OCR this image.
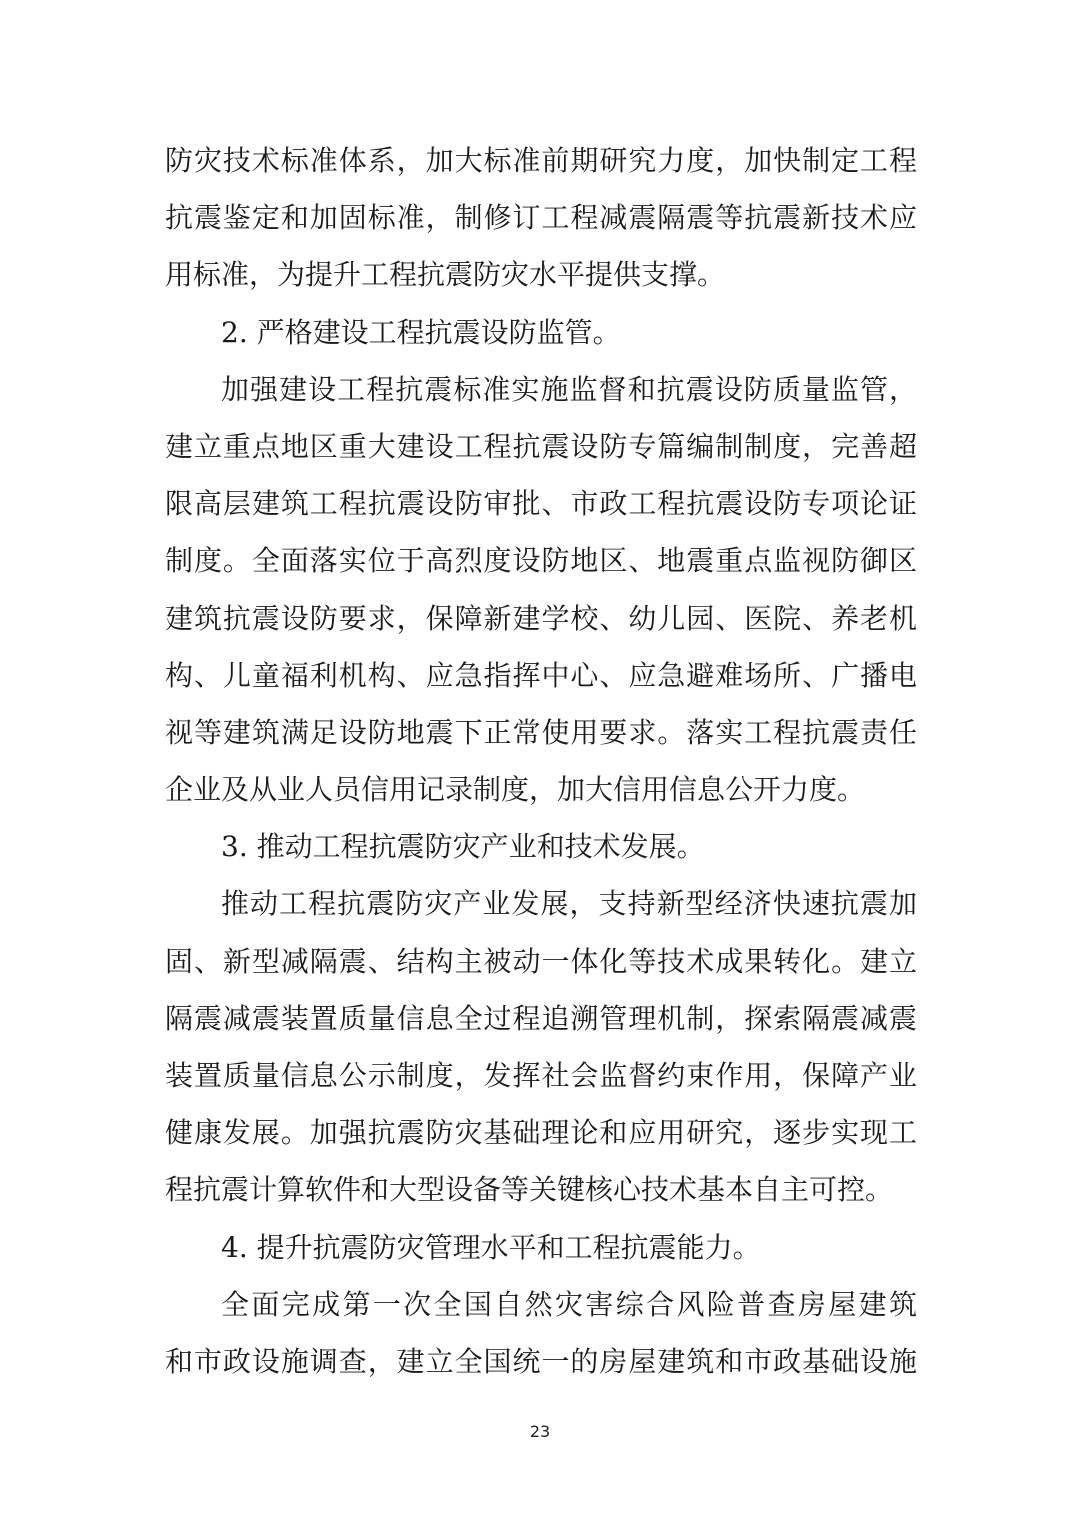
防灾技术标准体系，加大标准前期研究力度，加快制定工程
抗震鉴定和加固标准，制修订工程减震隔震等抗震新技术应
用标准，为提升工程抗震防灾水平提供支撑。
2. 严格建设工程抗震设防监管。
加强建设工程抗震标准实施监督和抗震设防质量监管，
建立重点地区重大建设工程抗震设防专篇编制制度，完善超
限高层建筑工程抗震设防审批、市政工程抗震设防专项论证
制度。全面落实位于高烈度设防地区、地震重点监视防御区
建筑抗震设防要求，保障新建学校、幼儿园、医院、养老机
构、儿童福利机构、应急指挥中心、应急避难场所、广播电
视等建筑满足设防地震下正常使用要求。落实工程抗震责任
企业及从业人员信用记录制度，加大信用信息公开力度。
3. 推动工程抗震防灾产业和技术发展。
推动工程抗震防灾产业发展，支持新型经济快速抗震加
固、新型减隔震、结构主被动一体化等技术成果转化。建立
隔震减震装置质量信息全过程追溯管理机制，探索隔震减震
装置质量信息公示制度，发挥社会监督约束作用，保障产业
健康发展。加强抗震防灾基础理论和应用研究，逐步实现工
程抗震计算软件和大型设备等关键核心技术基本自主可控。
4. 提升抗震防灾管理水平和工程抗震能力。
全面完成第一次全国自然灾害综合风险普查房屋建筑
和市政设施调查，建立全国统一的房屋建筑和市政基础设施
23
